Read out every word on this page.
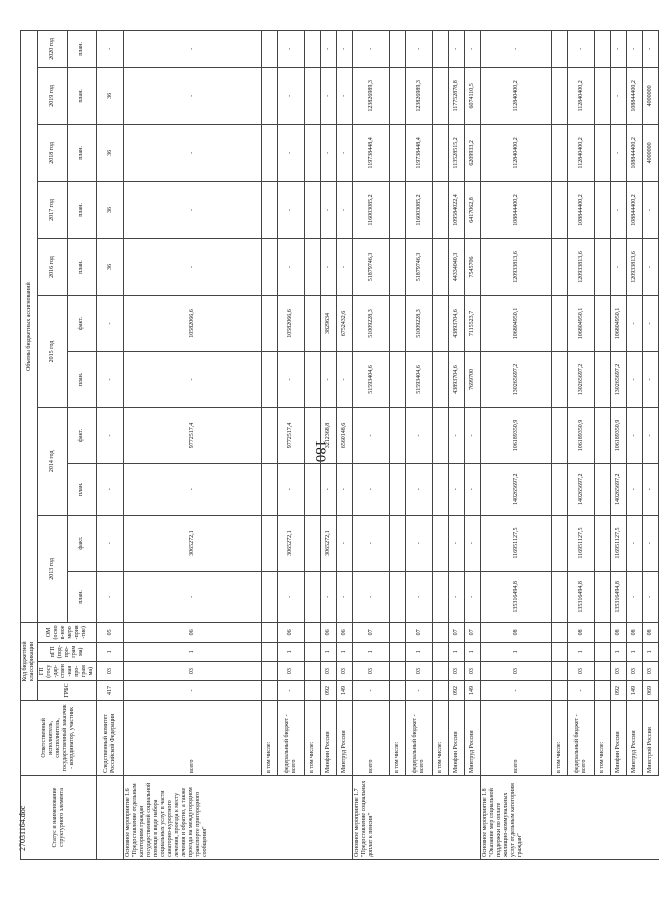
180
27031164.doc	Статус и наименование структурного элемента	Ответственный исполнитель, соисполнитель, государственный заказчик - координатор, участник	Код бюджетной классификации				Объемы бюджетных ассигнований										
		ГРБС	ГП (госу-дар-ствен-ная про-грамма)	пГП (под-про-грамма)	ОМ (основ-ное меро-прия-тие)	2013 год		2014 год		2015 год		2016 год	2017 год	2018 год	2019 год	2020 год
						план.	факт.	план.	факт.	план.	факт.	план.	план.	план.	план.	план.
	Следственный комитет Российской Федерации	417	03	1	05	-	-	-	-	-	-	36	36	36	36	-
Основное мероприятие 1.6 "Предоставление отдельным категориям граждан государственной социальной помощи в виде набора социальных услуг в части санаторно-курортного лечения, проезда к месту лечения и обратно, а также проезда на междугородном транспорте пригородного сообщения"	всего	-	03	1	06	-	3065272,1	-	9772517,4	-	10582066,6	-	-	-	-	-
	в том числе:															
	федеральный бюджет - всего	-	03	1	06	-	3065272,1	-	9772517,4	-	10582066,6	-	-	-	-	-
	в том числе:															
	Минфин России	092	03	1	06	-	3065272,1	-	3212368,8	-	3829634	-	-	-	-	-
	Минтруд России	149	03	1	06	-	-	-	6560148,6	-	6752432,6	-	-	-	-	-
Основное мероприятие 1.7 "Предоставление социальных доплат к пенсии"	всего	-	03	1	07	-	-	-	-	51593404,6	51009228,3	51879746,3	116003085,2	119738448,4	123826989,3	-
	в том числе:															
	федеральный бюджет - всего	-	03	1	07	-	-	-	-	51593404,6	51009228,3	51879746,3	116003085,2	119738448,4	123826989,3	-
	в том числе:															
	Минфин России	092	03	1	07	-	-	-	-	43893704,6	43893704,6	44334040,3	109584022,4	113528515,2	117752878,8	-
	Минтруд России	149	03	1	07	-	-	-	-	7699700	7115523,7	7545706	6417062,8	6209933,2	6074110,5	-
Основное мероприятие 1.8 "Оказание мер социальной поддержки по оплате жилищно-коммунальных услуг отдельным категориям граждан"	всего	-	03	1	08	135316494,8	116951127,5	140265697,2	106189350,9	130265697,2	106804950,1	120933813,6	108844400,2	112840400,2	112840400,2	-
	в том числе:															
	федеральный бюджет - всего	-	03	1	08	135316494,8	116951127,5	140265697,2	106189350,9	130265697,2	106804950,1	120933813,6	108844400,2	112840400,2	112840400,2	-
	в том числе:															
	Минфин России	092	03	1	08	135316494,8	116951127,5	140265697,2	106189350,9	130265697,2	106804950,1	-	-	-	-	-
	Минтруд России	149	03	1	08	-	-	-	-	-	-	120933813,6	108844400,2	108844400,2	108844400,2	-
	Минстрой России	069	03	1	08	-	-	-	-	-	-	-	-	4000000	4000000	-
